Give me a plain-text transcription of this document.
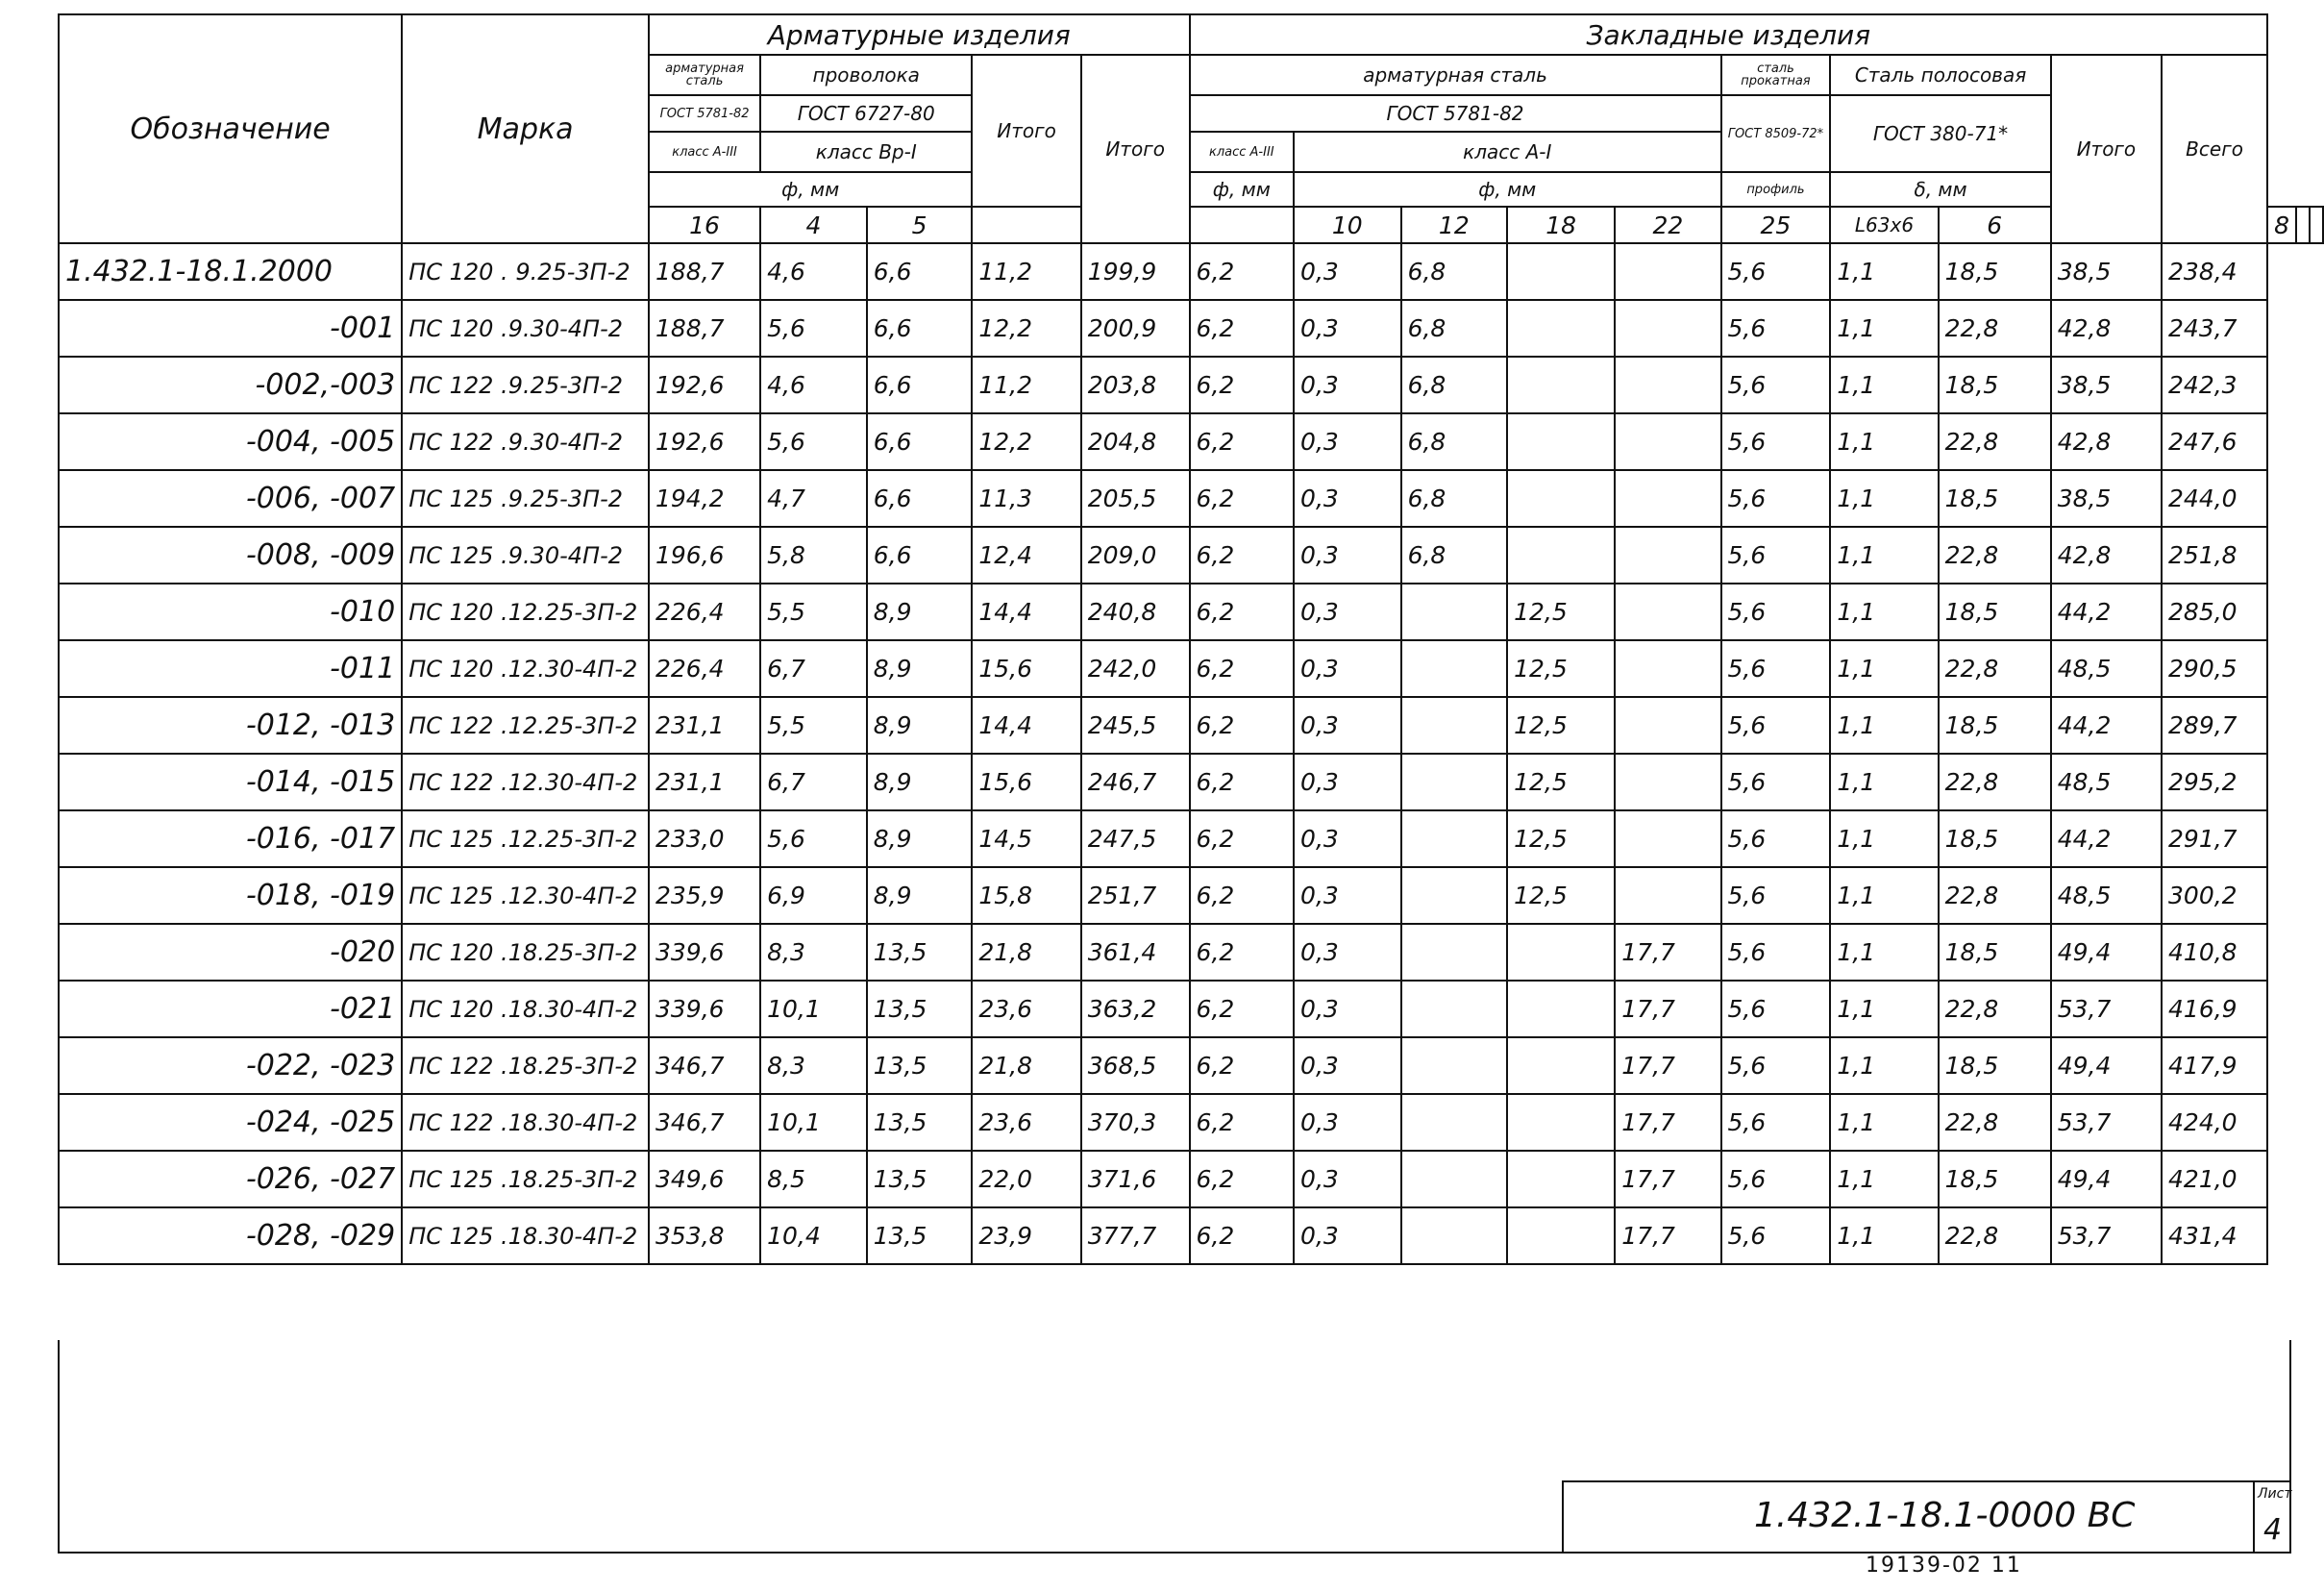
Обозначение	Марка	Арматурные изделия					Закладные изделия												
		арматурная сталь	проволока		Итого	Итого	арматурная сталь					сталь прокатная	Сталь полосовая		Итого	Всего			
		ГОСТ 5781-82	ГОСТ 6727-80				ГОСТ 5781-82					ГОСТ 8509-72*	ГОСТ 380-71*						
		класс A-III	класс Вр-I				класс A-III	класс A-I											
		ф, мм					ф, мм	ф, мм				профиль	δ, мм						
		16	4	5				10	12	18	22	25	L63х6	6			8		
1.432.1-18.1.2000	ПС 120 . 9.25-3П-2	188,7	4,6	6,6	11,2	199,9	6,2	0,3	6,8			5,6	1,1	18,5	38,5	238,4			
-001	ПС 120 .9.30-4П-2	188,7	5,6	6,6	12,2	200,9	6,2	0,3	6,8			5,6	1,1	22,8	42,8	243,7			
-002,-003	ПС 122 .9.25-3П-2	192,6	4,6	6,6	11,2	203,8	6,2	0,3	6,8			5,6	1,1	18,5	38,5	242,3			
-004, -005	ПС 122 .9.30-4П-2	192,6	5,6	6,6	12,2	204,8	6,2	0,3	6,8			5,6	1,1	22,8	42,8	247,6			
-006, -007	ПС 125 .9.25-3П-2	194,2	4,7	6,6	11,3	205,5	6,2	0,3	6,8			5,6	1,1	18,5	38,5	244,0			
-008, -009	ПС 125 .9.30-4П-2	196,6	5,8	6,6	12,4	209,0	6,2	0,3	6,8			5,6	1,1	22,8	42,8	251,8			
-010	ПС 120 .12.25-3П-2	226,4	5,5	8,9	14,4	240,8	6,2	0,3		12,5		5,6	1,1	18,5	44,2	285,0			
-011	ПС 120 .12.30-4П-2	226,4	6,7	8,9	15,6	242,0	6,2	0,3		12,5		5,6	1,1	22,8	48,5	290,5			
-012, -013	ПС 122 .12.25-3П-2	231,1	5,5	8,9	14,4	245,5	6,2	0,3		12,5		5,6	1,1	18,5	44,2	289,7			
-014, -015	ПС 122 .12.30-4П-2	231,1	6,7	8,9	15,6	246,7	6,2	0,3		12,5		5,6	1,1	22,8	48,5	295,2			
-016, -017	ПС 125 .12.25-3П-2	233,0	5,6	8,9	14,5	247,5	6,2	0,3		12,5		5,6	1,1	18,5	44,2	291,7			
-018, -019	ПС 125 .12.30-4П-2	235,9	6,9	8,9	15,8	251,7	6,2	0,3		12,5		5,6	1,1	22,8	48,5	300,2			
-020	ПС 120 .18.25-3П-2	339,6	8,3	13,5	21,8	361,4	6,2	0,3			17,7	5,6	1,1	18,5	49,4	410,8			
-021	ПС 120 .18.30-4П-2	339,6	10,1	13,5	23,6	363,2	6,2	0,3			17,7	5,6	1,1	22,8	53,7	416,9			
-022, -023	ПС 122 .18.25-3П-2	346,7	8,3	13,5	21,8	368,5	6,2	0,3			17,7	5,6	1,1	18,5	49,4	417,9			
-024, -025	ПС 122 .18.30-4П-2	346,7	10,1	13,5	23,6	370,3	6,2	0,3			17,7	5,6	1,1	22,8	53,7	424,0			
-026, -027	ПС 125 .18.25-3П-2	349,6	8,5	13,5	22,0	371,6	6,2	0,3			17,7	5,6	1,1	18,5	49,4	421,0			
-028, -029	ПС 125 .18.30-4П-2	353,8	10,4	13,5	23,9	377,7	6,2	0,3			17,7	5,6	1,1	22,8	53,7	431,4			
1.432.1-18.1-0000 ВС
Лист
4
19139-02 11
